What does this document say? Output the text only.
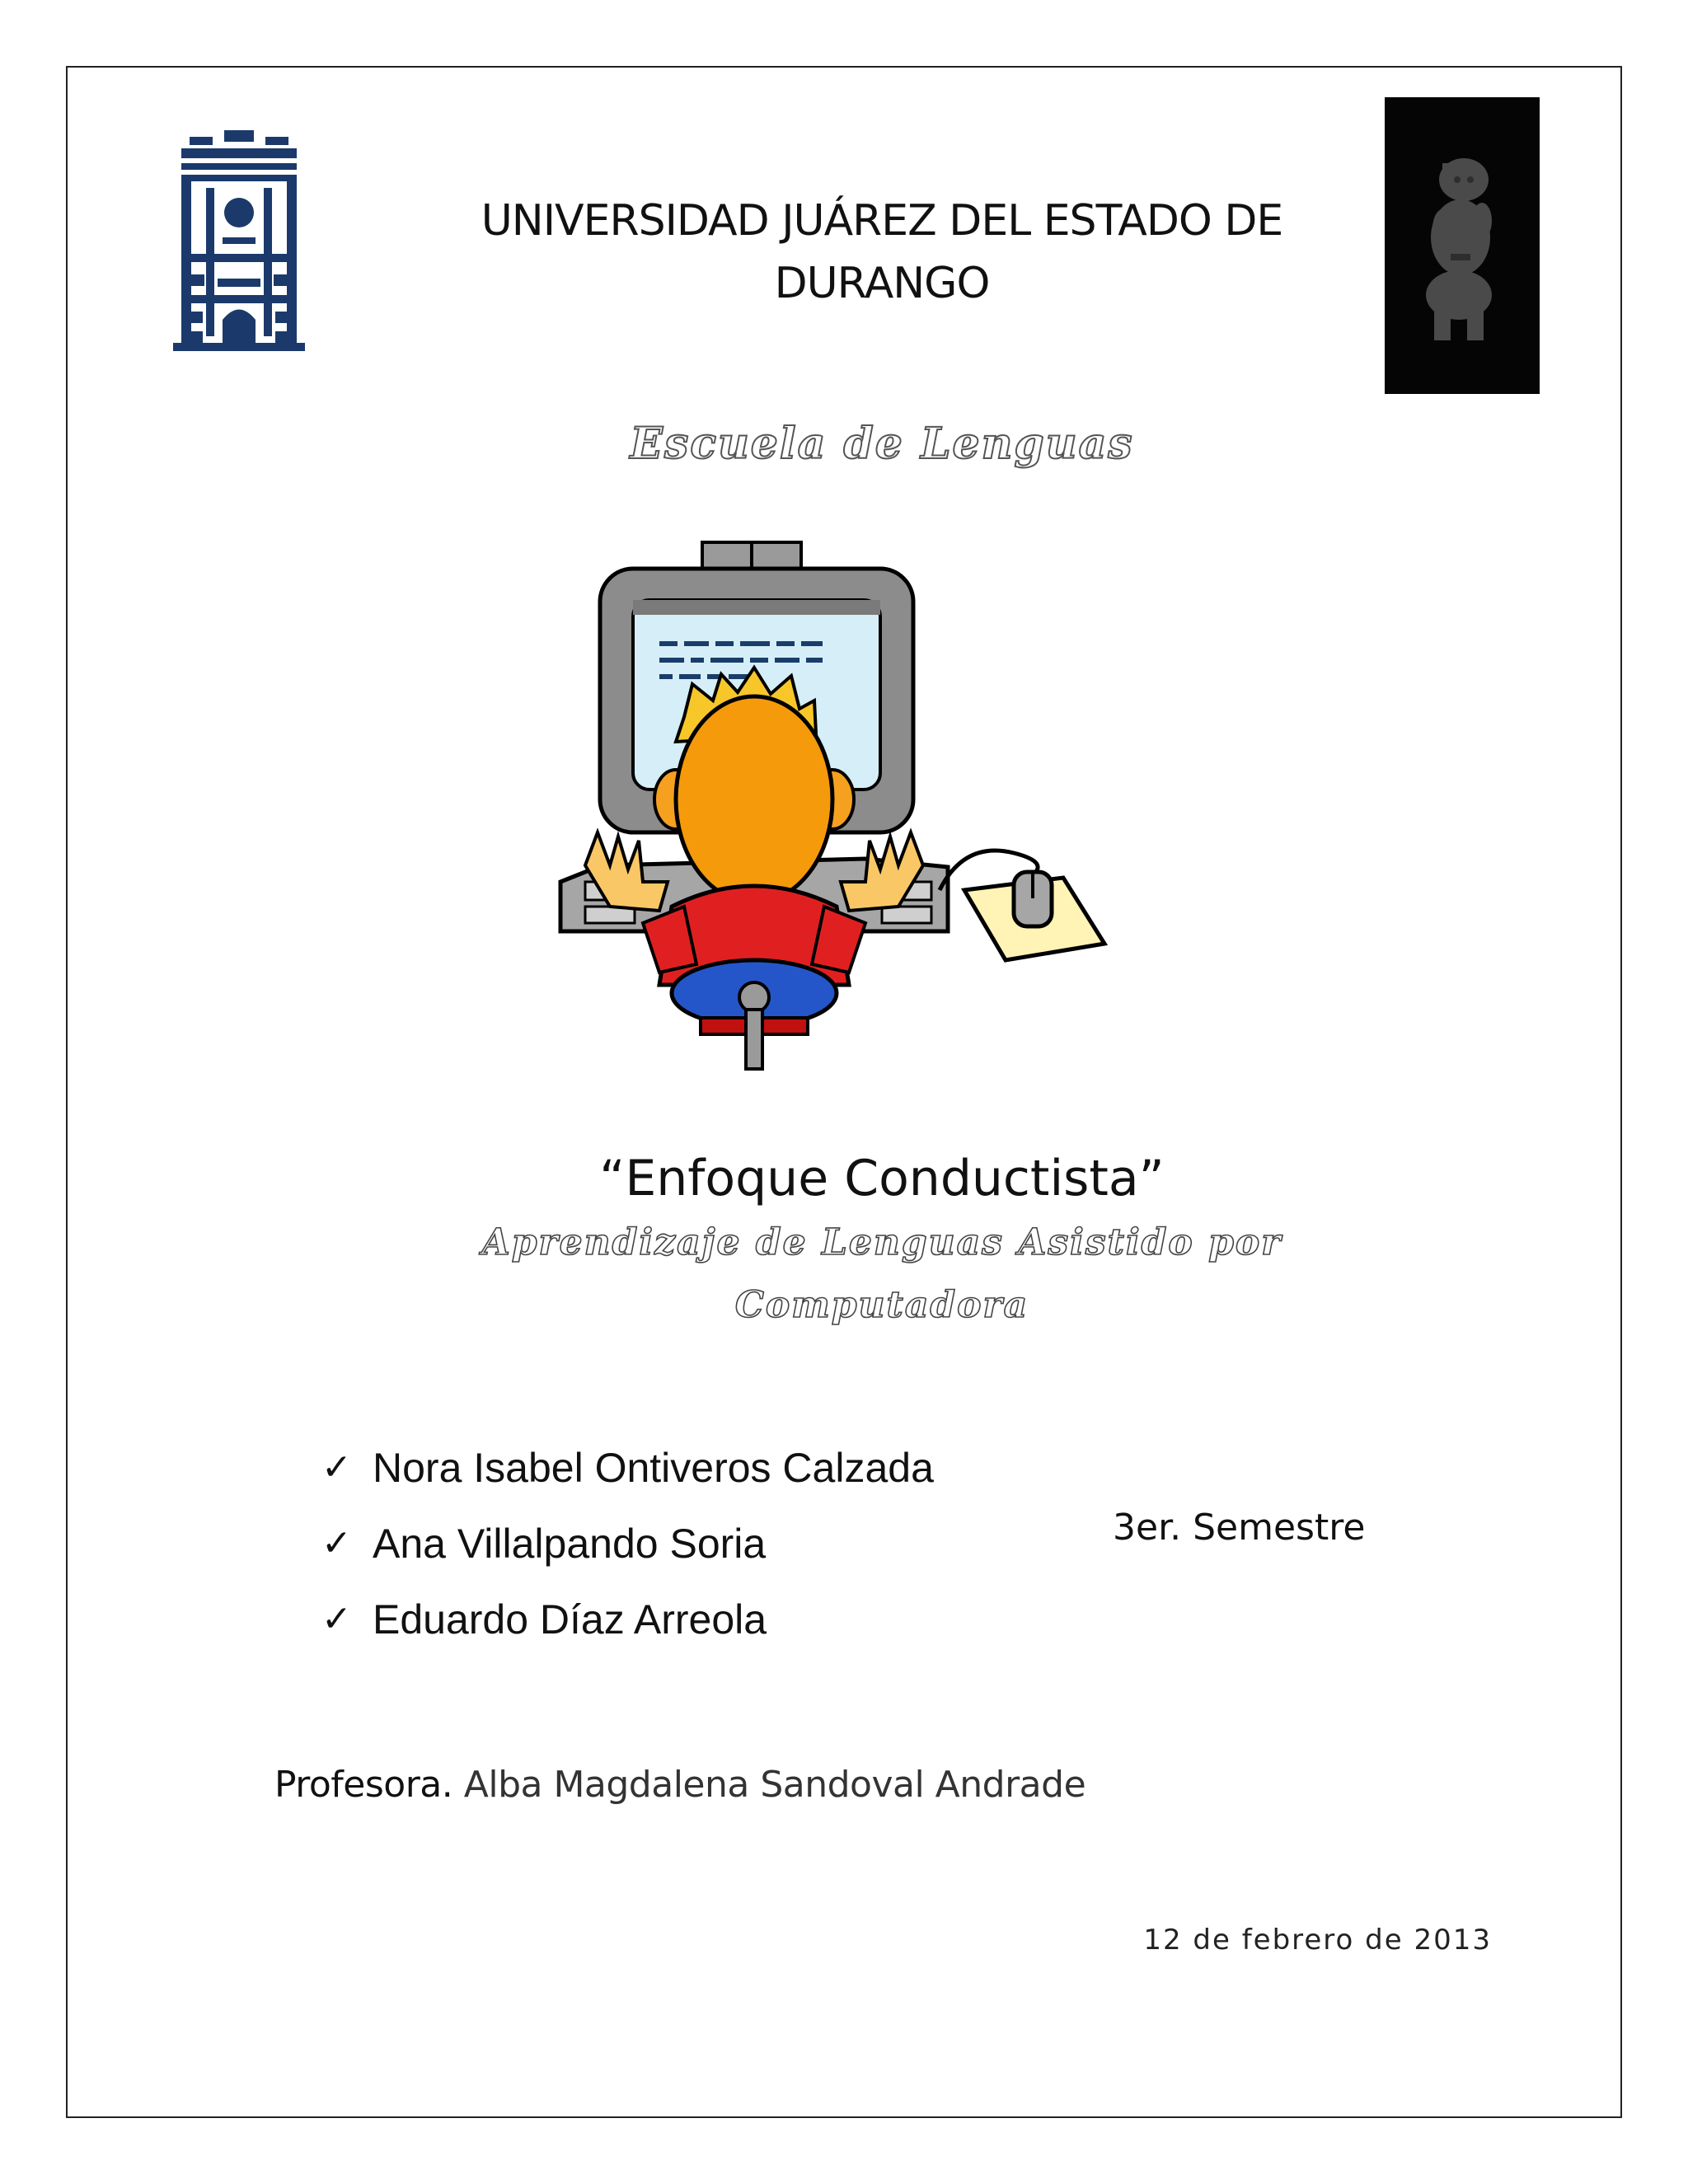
UNIVERSIDAD JUÁREZ DEL ESTADO DE
DURANGO
Escuela de Lenguas
“Enfoque Conductista”
Aprendizaje de Lenguas Asistido por
Computadora
✓ Nora Isabel Ontiveros Calzada
✓ Ana Villalpando Soria
✓ Eduardo Díaz Arreola
3er. Semestre
Profesora. Alba Magdalena Sandoval Andrade
12 de febrero de 2013
